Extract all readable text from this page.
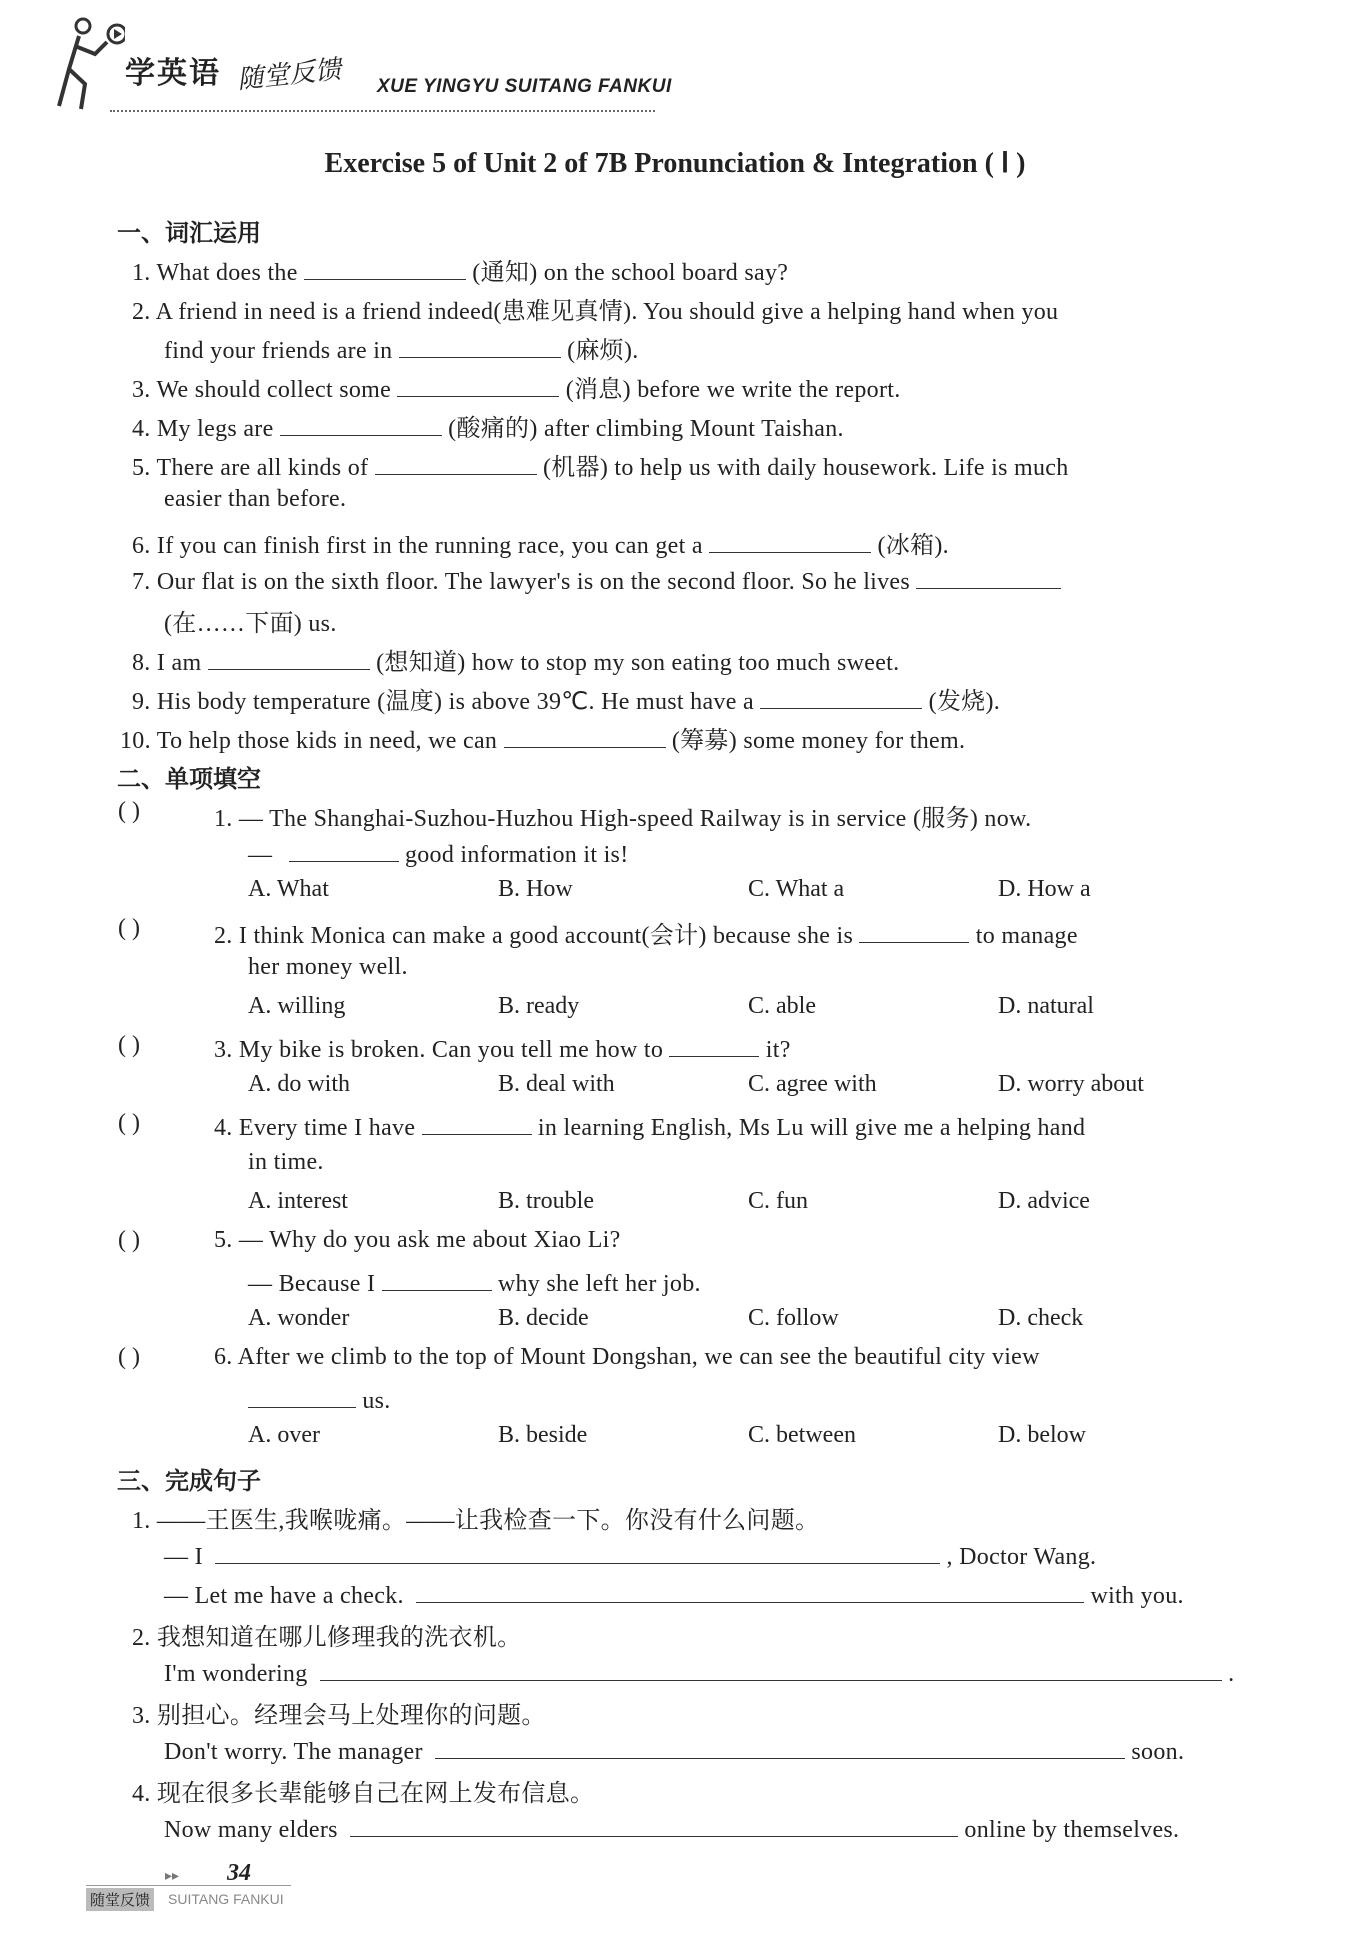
学英语 随堂反馈 XUE YINGYU SUITANG FANKUI
Exercise 5 of Unit 2 of 7B Pronunciation & Integration ( Ⅰ )
一、词汇运用
1. What does the	(通知) on the school board say?
2. A friend in need is a friend indeed(患难见真情). You should give a helping hand when you
find your friends are in	(麻烦).
3. We should collect some	(消息) before we write the report.
4. My legs are	(酸痛的) after climbing Mount Taishan.
5. There are all kinds of	(机器) to help us with daily housework. Life is much
easier than before.
6. If you can finish first in the running race, you can get a	(冰箱).
7. Our flat is on the sixth floor. The lawyer's is on the second floor. So he lives
(在……下面) us.
8. I am	(想知道) how to stop my son eating too much sweet.
9. His body temperature (温度) is above 39℃. He must have a	(发烧).
10. To help those kids in need, we can	(筹募) some money for them.
二、单项填空
( )	1. — The Shanghai-Suzhou-Huzhou High-speed Railway is in service (服务) now.
—	good information it is!
A. What	B. How	C. What a	D. How a
( )	2. I think Monica can make a good account(会计) because she is	to manage
her money well.
A. willing	B. ready	C. able	D. natural
( )	3. My bike is broken. Can you tell me how to	it?
A. do with	B. deal with	C. agree with	D. worry about
( )	4. Every time I have	in learning English, Ms Lu will give me a helping hand
in time.
A. interest	B. trouble	C. fun	D. advice
( )	5. — Why do you ask me about Xiao Li?
— Because I	why she left her job.
A. wonder	B. decide	C. follow	D. check
( )	6. After we climb to the top of Mount Dongshan, we can see the beautiful city view
us.
A. over	B. beside	C. between	D. below
三、完成句子
1. ——王医生,我喉咙痛。——让我检查一下。你没有什么问题。
— I	, Doctor Wang.
— Let me have a check.	with you.
2. 我想知道在哪儿修理我的洗衣机。
I'm wondering	.
3. 别担心。经理会马上处理你的问题。
Don't worry. The manager	soon.
4. 现在很多长辈能够自己在网上发布信息。
Now many elders	online by themselves.
▸▸ 34
随堂反馈 SUITANG FANKUI
